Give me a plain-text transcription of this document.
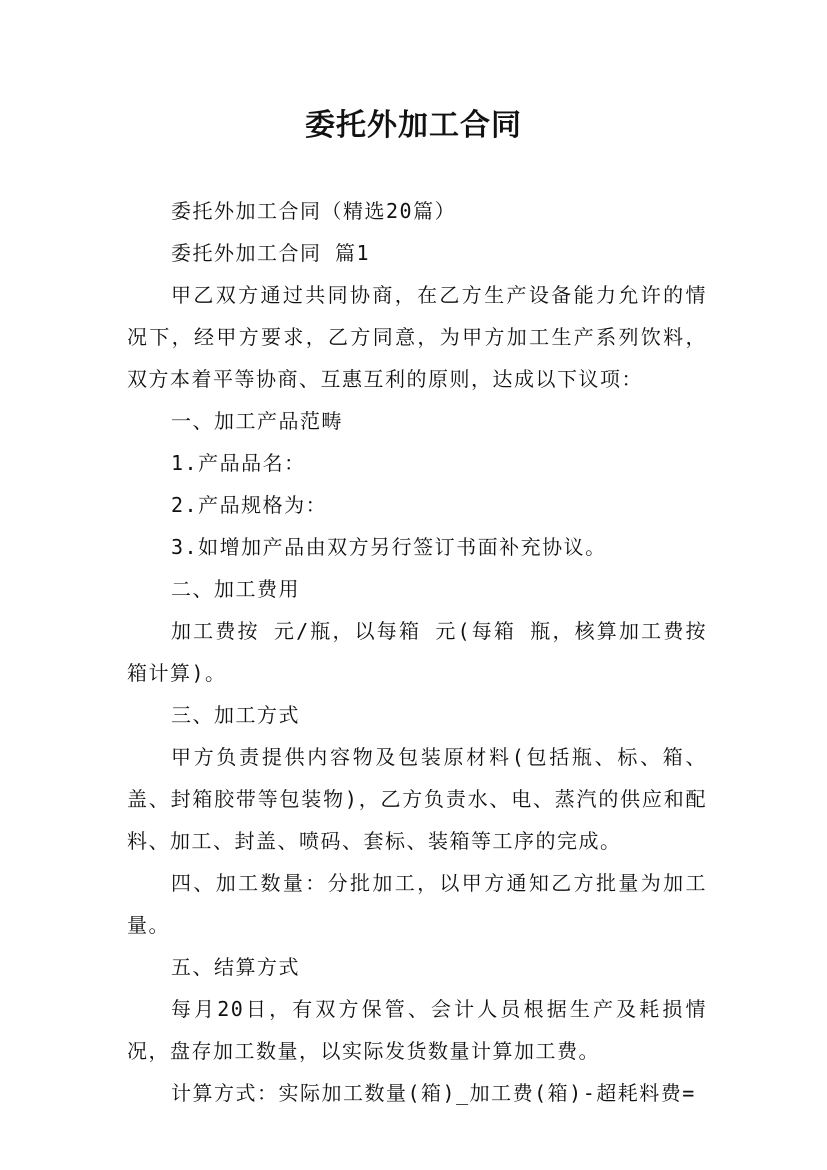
委托外加工合同

委托外加工合同（精选20篇）

委托外加工合同 篇1

甲乙双方通过共同协商，在乙方生产设备能力允许的情况下，经甲方要求，乙方同意，为甲方加工生产系列饮料，双方本着平等协商、互惠互利的原则，达成以下议项：

一、加工产品范畴

1.产品品名：

2.产品规格为：

3.如增加产品由双方另行签订书面补充协议。

二、加工费用

加工费按 元/瓶，以每箱 元(每箱 瓶，核算加工费按箱计算)。

三、加工方式

甲方负责提供内容物及包装原材料(包括瓶、标、箱、盖、封箱胶带等包装物)，乙方负责水、电、蒸汽的供应和配料、加工、封盖、喷码、套标、装箱等工序的完成。

四、加工数量：分批加工，以甲方通知乙方批量为加工量。

五、结算方式

每月20日，有双方保管、会计人员根据生产及耗损情况，盘存加工数量，以实际发货数量计算加工费。

计算方式：实际加工数量(箱)_加工费(箱)-超耗料费=
